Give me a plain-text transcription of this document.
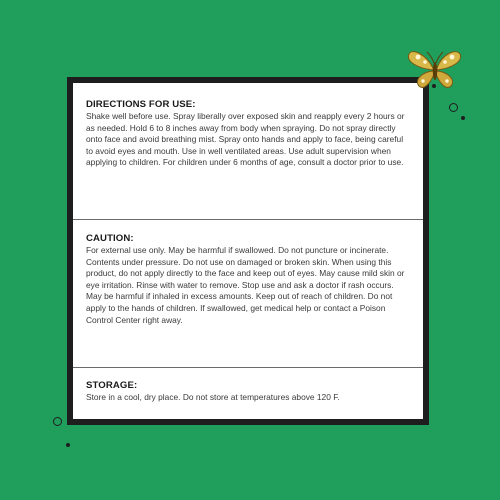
DIRECTIONS FOR USE:

Shake well before use. Spray liberally over exposed skin and reapply every 2 hours or as needed. Hold 6 to 8 inches away from body when spraying. Do not spray directly onto face and avoid breathing mist. Spray onto hands and apply to face, being careful to avoid eyes and mouth. Use in well ventilated areas. Use adult supervision when applying to children. For children under 6 months of age, consult a doctor prior to use.

CAUTION:

For external use only. May be harmful if swallowed. Do not puncture or incinerate. Contents under pressure. Do not use on damaged or broken skin. When using this product, do not apply directly to the face and keep out of eyes. May cause mild skin or eye irritation. Rinse with water to remove. Stop use and ask a doctor if rash occurs. May be harmful if inhaled in excess amounts. Keep out of reach of children. Do not apply to the hands of children. If swallowed, get medical help or contact a Poison Control Center right away.

STORAGE:

Store in a cool, dry place. Do not store at temperatures above 120 F.
